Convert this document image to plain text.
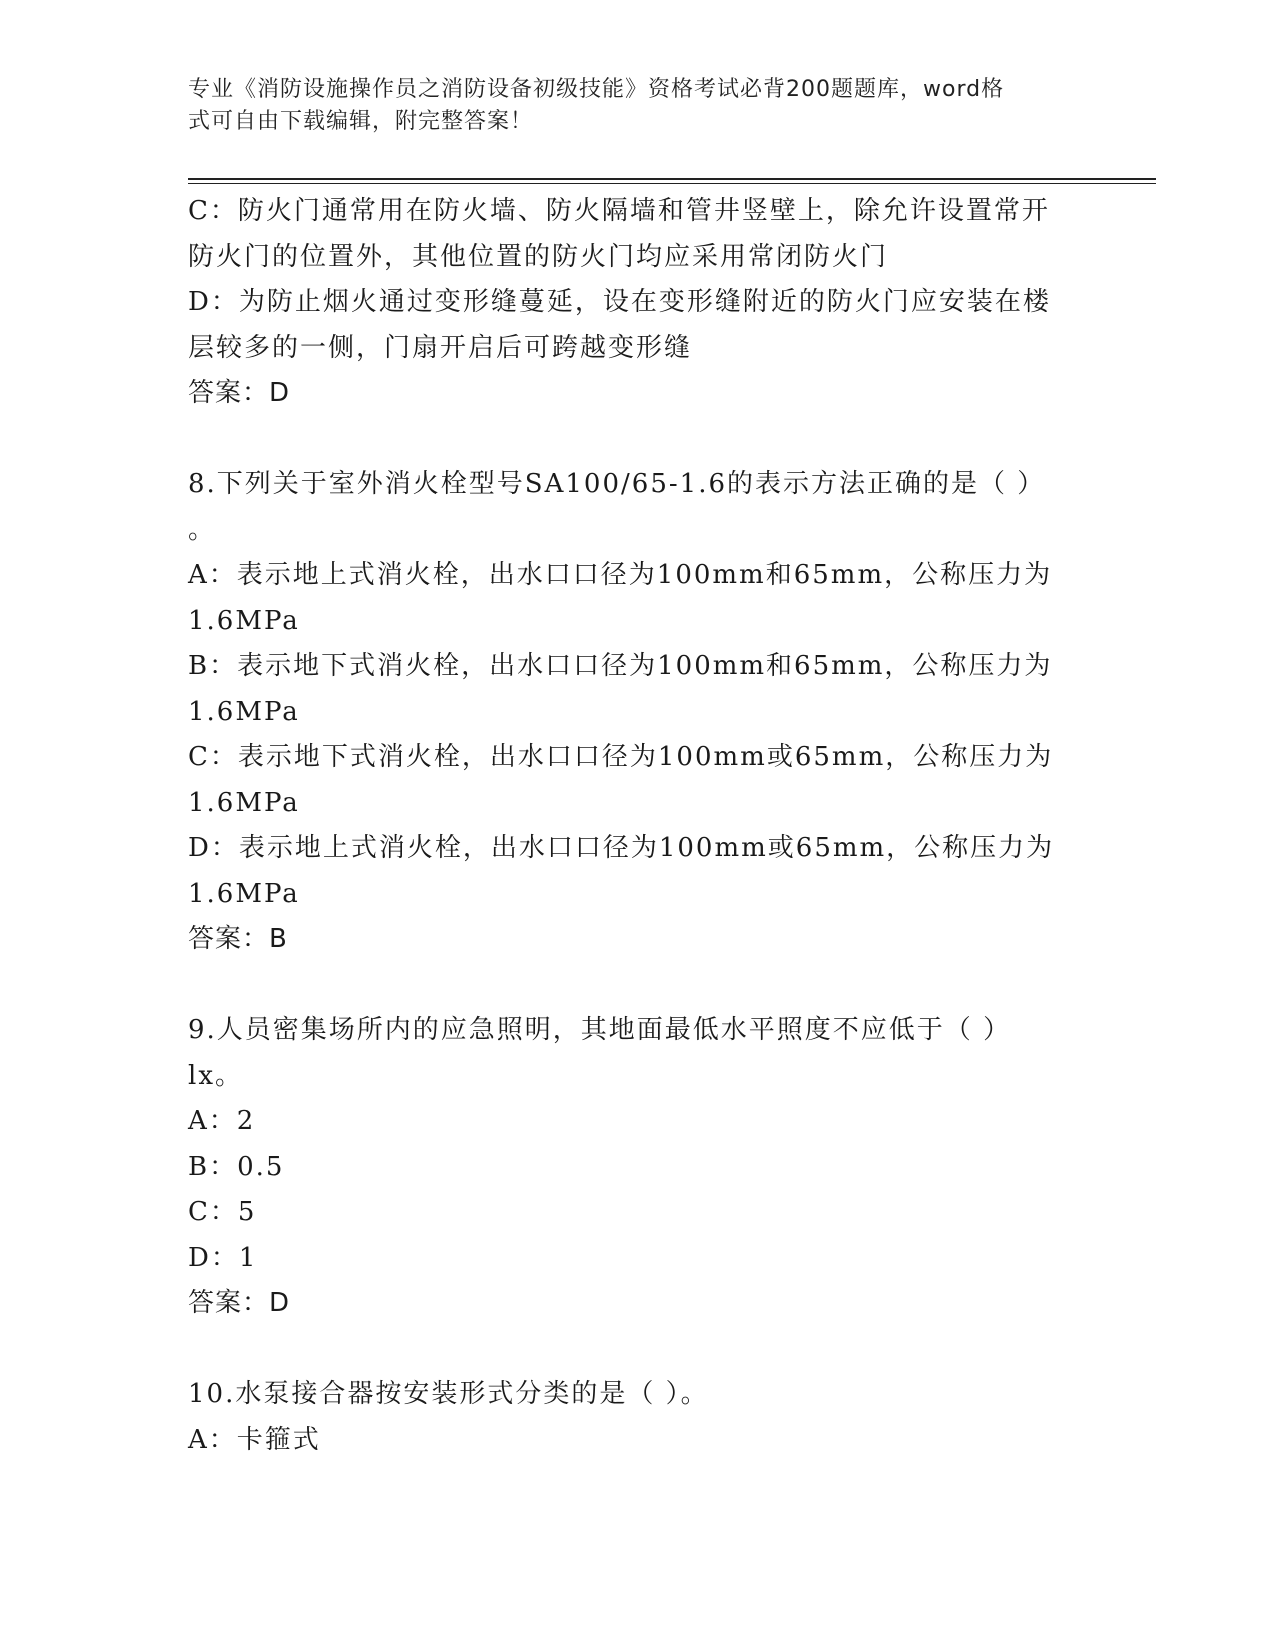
专业《消防设施操作员之消防设备初级技能》资格考试必背200题题库，word格
式可自由下载编辑，附完整答案！
C：防火门通常用在防火墙、防火隔墙和管井竖壁上，除允许设置常开
防火门的位置外，其他位置的防火门均应采用常闭防火门
D：为防止烟火通过变形缝蔓延，设在变形缝附近的防火门应安装在楼
层较多的一侧，门扇开启后可跨越变形缝
答案：D
8.下列关于室外消火栓型号SA100/65-1.6的表示方法正确的是（ ）
。
A：表示地上式消火栓，出水口口径为100mm和65mm，公称压力为
1.6MPa
B：表示地下式消火栓，出水口口径为100mm和65mm，公称压力为
1.6MPa
C：表示地下式消火栓，出水口口径为100mm或65mm，公称压力为
1.6MPa
D：表示地上式消火栓，出水口口径为100mm或65mm，公称压力为
1.6MPa
答案：B
9.人员密集场所内的应急照明，其地面最低水平照度不应低于（ ）
lx。
A：2
B：0.5
C：5
D：1
答案：D
10.水泵接合器按安装形式分类的是（ ）。
A：卡箍式
